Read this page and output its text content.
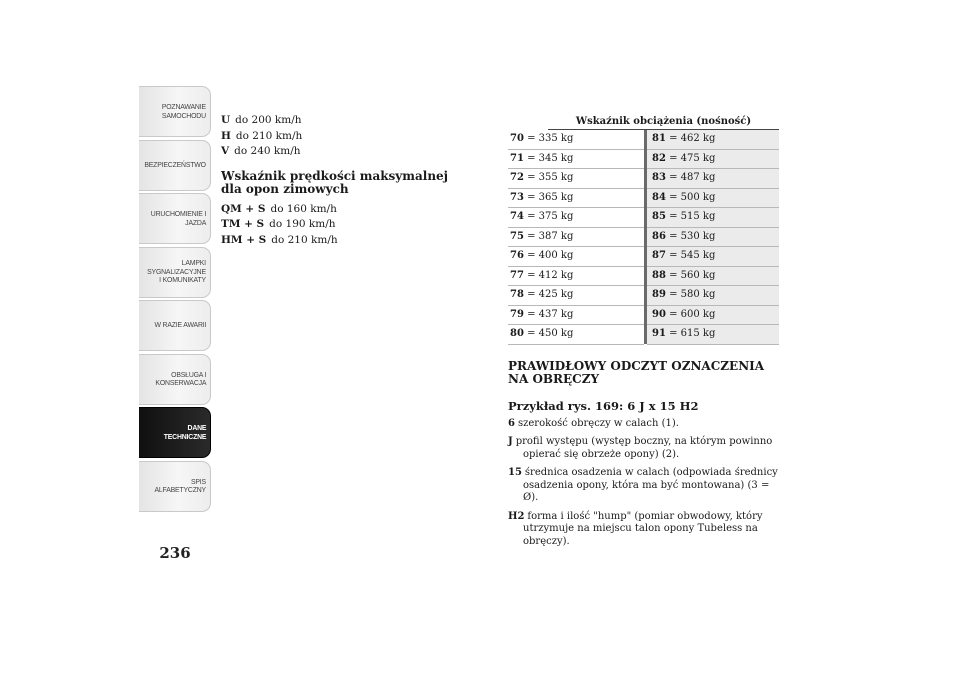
POZNAWANIE
SAMOCHODU
BEZPIECZEŃSTWO
URUCHOMIENIE I
JAZDA
LAMPKI
SYGNALIZACYJNE
I KOMUNIKATY
W RAZIE AWARII
OBSŁUGA I
KONSERWACJA
DANE
TECHNICZNE
SPIS
ALFABETYCZNY
236

U do 200 km/h

H do 210 km/h

V do 240 km/h

Wskaźnik prędkości maksymalnej dla opon zimowych

QM + S do 160 km/h

TM + S do 190 km/h

HM + S do 210 km/h

Wskaźnik obciążenia (nośność)
70 = 335 kg		81 = 462 kg
71 = 345 kg		82 = 475 kg
72 = 355 kg		83 = 487 kg
73 = 365 kg		84 = 500 kg
74 = 375 kg		85 = 515 kg
75 = 387 kg		86 = 530 kg
76 = 400 kg		87 = 545 kg
77 = 412 kg		88 = 560 kg
78 = 425 kg		89 = 580 kg
79 = 437 kg		90 = 600 kg
80 = 450 kg		91 = 615 kg
PRAWIDŁOWY ODCZYT OZNACZENIA NA OBRĘCZY
Przykład rys. 169: 6 J x 15 H2

6 szerokość obręczy w calach (1).

J profil występu (występ boczny, na którym powinno opierać się obrzeże opony) (2).

15 średnica osadzenia w calach (odpowiada średnicy osadzenia opony, która ma być montowana) (3 = Ø).

H2 forma i ilość "hump" (pomiar obwodowy, który utrzymuje na miejscu talon opony Tubeless na obręczy).
